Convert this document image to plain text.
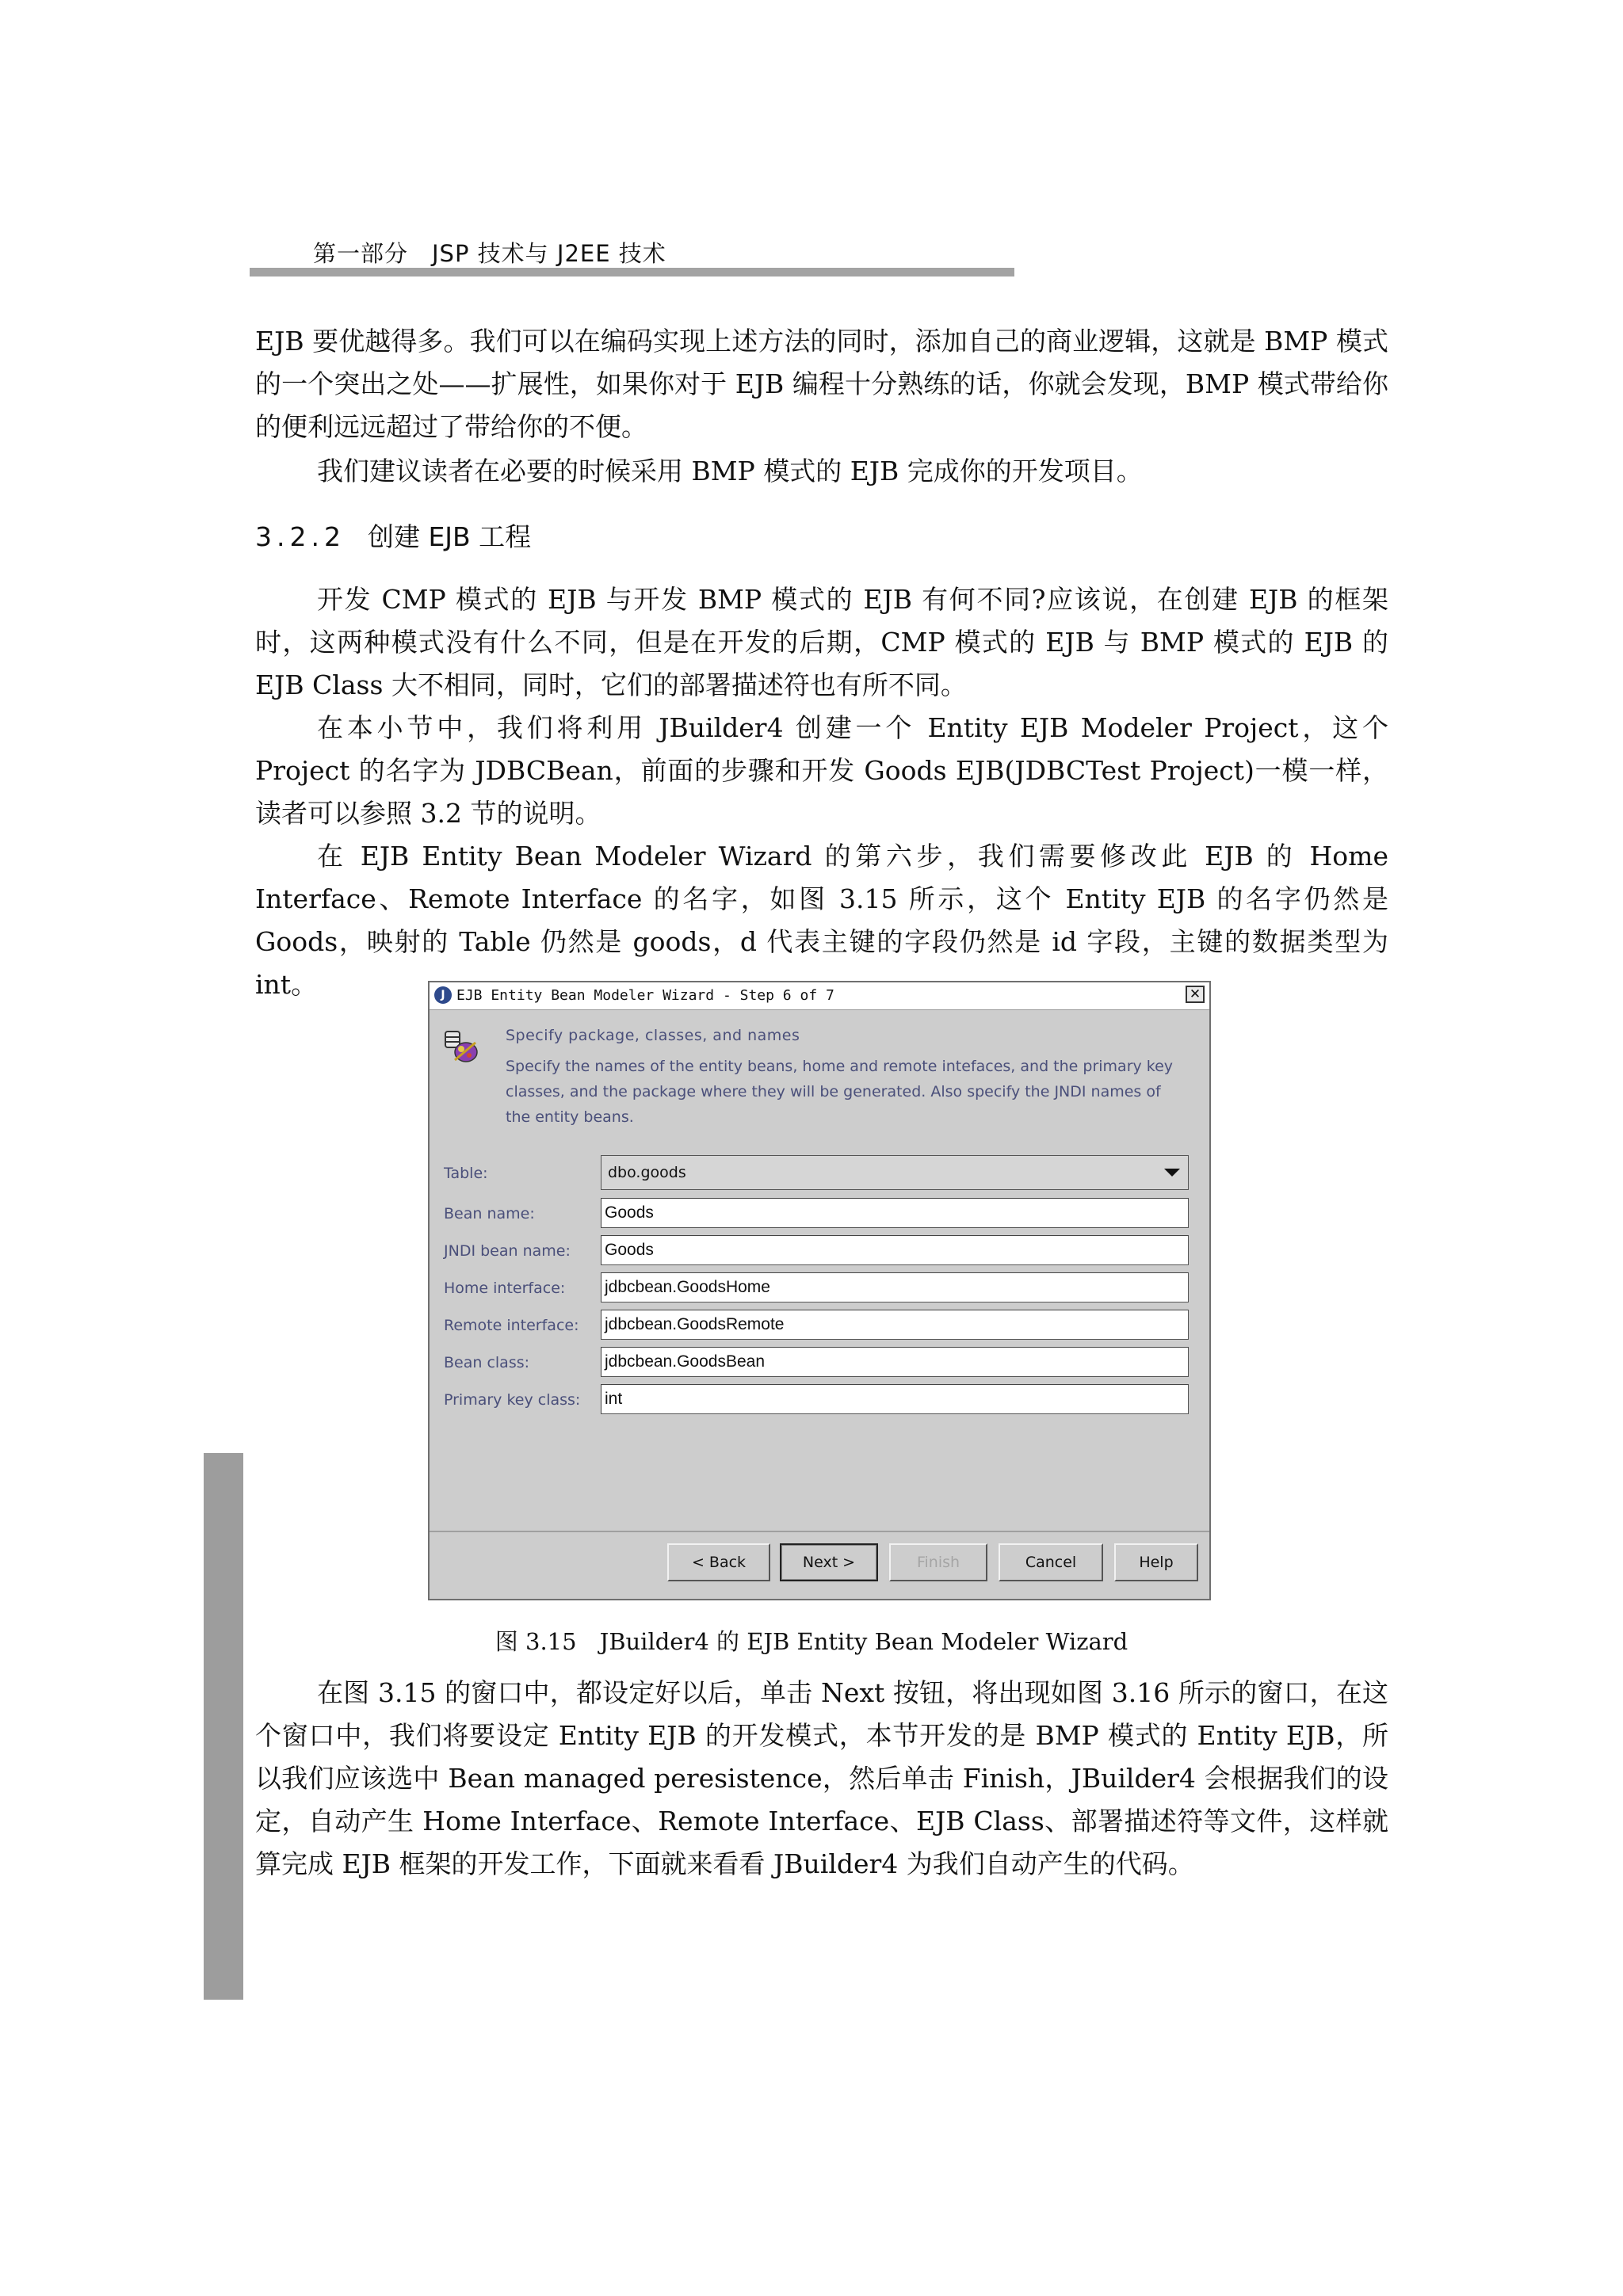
第一部分　JSP 技术与 J2EE 技术

EJB 要优越得多。我们可以在编码实现上述方法的同时，添加自己的商业逻辑，这就是 BMP 模式的一个突出之处——扩展性，如果你对于 EJB 编程十分熟练的话，你就会发现，BMP 模式带给你的便利远远超过了带给你的不便。

我们建议读者在必要的时候采用 BMP 模式的 EJB 完成你的开发项目。

3.2.2 创建 EJB 工程

开发 CMP 模式的 EJB 与开发 BMP 模式的 EJB 有何不同?应该说，在创建 EJB 的框架时，这两种模式没有什么不同，但是在开发的后期，CMP 模式的 EJB 与 BMP 模式的 EJB 的 EJB Class 大不相同，同时，它们的部署描述符也有所不同。

在本小节中，我们将利用 JBuilder4 创建一个 Entity EJB Modeler Project，这个 Project 的名字为 JDBCBean，前面的步骤和开发 Goods EJB(JDBCTest Project)一模一样，读者可以参照 3.2 节的说明。

在 EJB Entity Bean Modeler Wizard 的第六步，我们需要修改此 EJB 的 Home Interface、Remote Interface 的名字，如图 3.15 所示，这个 Entity EJB 的名字仍然是 Goods，映射的 Table 仍然是 goods，d 代表主键的字段仍然是 id 字段，主键的数据类型为 int。	J EJB Entity Bean Modeler Wizard - Step 6 of 7	✕
Specify package, classes, and names
Specify the names of the entity beans, home and remote intefaces, and the primary key classes, and the package where they will be generated. Also specify the JNDI names of the entity beans.
Table:	dbo.goods
Bean name:	Goods
JNDI bean name: Goods
Home interface: jdbcbean.GoodsHome
Remote interface: jdbcbean.GoodsRemote
Bean class:	jdbcbean.GoodsBean
Primary key class: int
< Back	Next >	Finish	Cancel	Help
图 3.15　JBuilder4 的 EJB Entity Bean Modeler Wizard

在图 3.15 的窗口中，都设定好以后，单击 Next 按钮，将出现如图 3.16 所示的窗口，在这个窗口中，我们将要设定 Entity EJB 的开发模式，本节开发的是 BMP 模式的 Entity EJB，所以我们应该选中 Bean managed peresistence，然后单击 Finish，JBuilder4 会根据我们的设定，自动产生 Home Interface、Remote Interface、EJB Class、部署描述符等文件，这样就算完成 EJB 框架的开发工作，下面就来看看 JBuilder4 为我们自动产生的代码。
